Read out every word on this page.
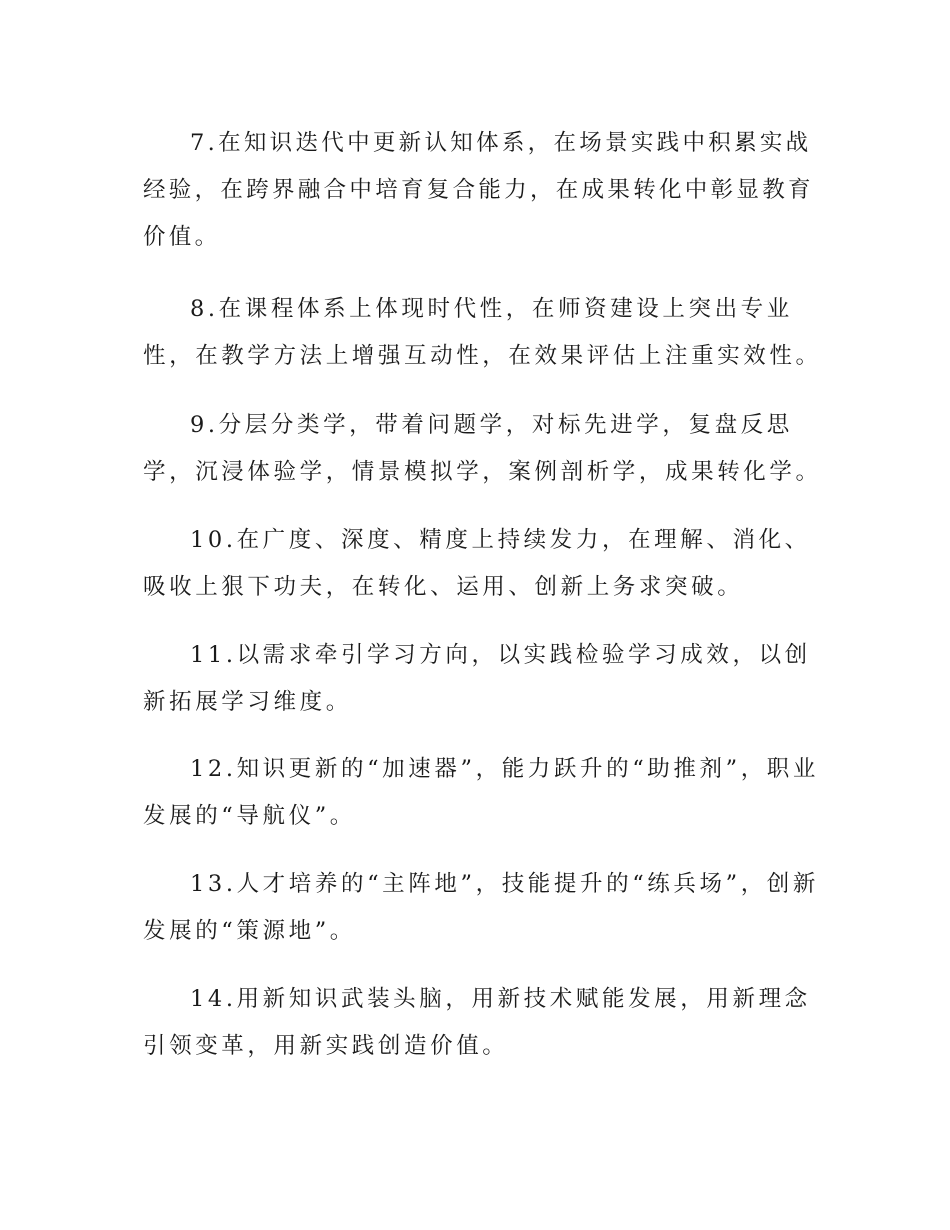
7.在知识迭代中更新认知体系，在场景实践中积累实战经验，在跨界融合中培育复合能力，在成果转化中彰显教育价值。

8.在课程体系上体现时代性，在师资建设上突出专业性，在教学方法上增强互动性，在效果评估上注重实效性。

9.分层分类学，带着问题学，对标先进学，复盘反思学，沉浸体验学，情景模拟学，案例剖析学，成果转化学。

10.在广度、深度、精度上持续发力，在理解、消化、吸收上狠下功夫，在转化、运用、创新上务求突破。

11.以需求牵引学习方向，以实践检验学习成效，以创新拓展学习维度。

12.知识更新的“加速器”，能力跃升的“助推剂”，职业发展的“导航仪”。

13.人才培养的“主阵地”，技能提升的“练兵场”，创新发展的“策源地”。

14.用新知识武装头脑，用新技术赋能发展，用新理念引领变革，用新实践创造价值。
